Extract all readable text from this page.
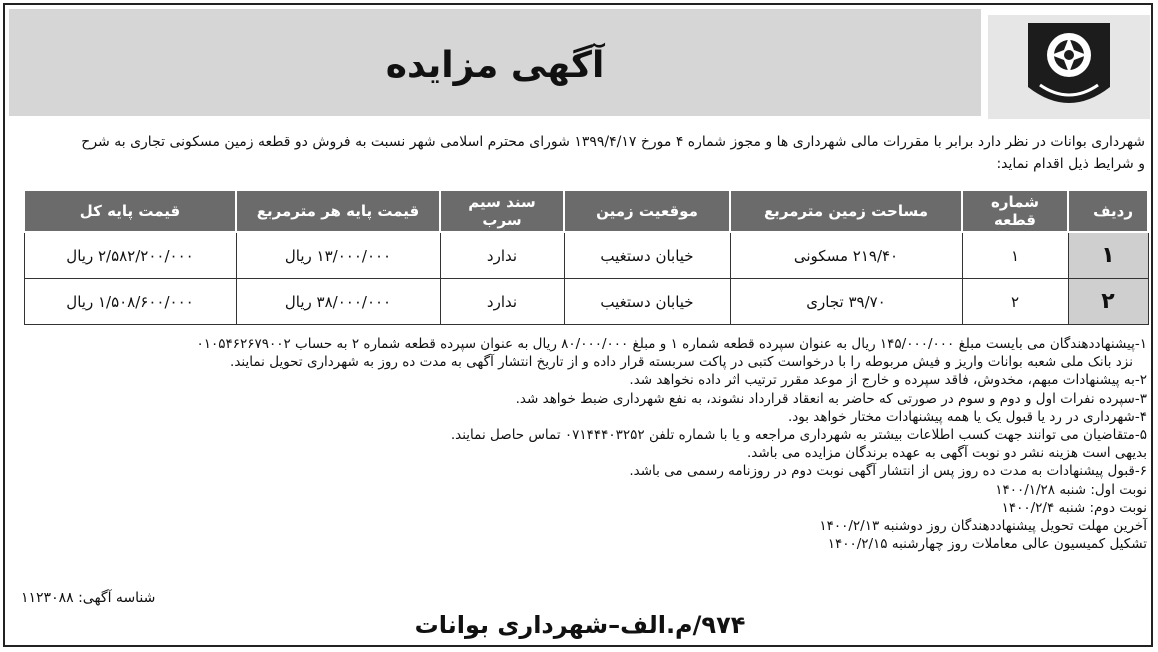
آگهی مزایده
شهرداری بوانات در نظر دارد برابر با مقررات مالی شهرداری ها و مجوز شماره ۴ مورخ ۱۳۹۹/۴/۱۷ شورای محترم اسلامی شهر نسبت به فروش دو قطعه زمین مسکونی تجاری به شرح
و شرایط ذیل اقدام نماید:
ردیف	شماره قطعه	مساحت زمین مترمربع	موقعیت زمین	سند سیم سرب	قیمت پایه هر مترمربع	قیمت پایه کل
۱	۱	۲۱۹/۴۰ مسکونی	خیابان دستغیب	ندارد	۱۳/۰۰۰/۰۰۰ ریال	۲/۵۸۲/۲۰۰/۰۰۰ ریال
۲	۲	۳۹/۷۰ تجاری	خیابان دستغیب	ندارد	۳۸/۰۰۰/۰۰۰ ریال	۱/۵۰۸/۶۰۰/۰۰۰ ریال
۱-پیشنهاددهندگان می بایست مبلغ ۱۴۵/۰۰۰/۰۰۰ ریال به عنوان سپرده قطعه شماره ۱ و مبلغ ۸۰/۰۰۰/۰۰۰ ریال به عنوان سپرده قطعه شماره ۲ به حساب ۰۱۰۵۴۶۲۶۷۹۰۰۲
نزد بانک ملی شعبه بوانات واریز و فیش مربوطه را با درخواست کتبی در پاکت سربسته قرار داده و از تاریخ انتشار آگهی به مدت ده روز به شهرداری تحویل نمایند.
۲-به پیشنهادات مبهم، مخدوش، فاقد سپرده و خارج از موعد مقرر ترتیب اثر داده نخواهد شد.
۳-سپرده نفرات اول و دوم و سوم در صورتی که حاضر به انعقاد قرارداد نشوند، به نفع شهرداری ضبط خواهد شد.
۴-شهرداری در رد یا قبول یک یا همه پیشنهادات مختار خواهد بود.
۵-متقاضیان می توانند جهت کسب اطلاعات بیشتر به شهرداری مراجعه و یا با شماره تلفن ۰۷۱۴۴۴۰۳۲۵۲ تماس حاصل نمایند.
بدیهی است هزینه نشر دو نوبت آگهی به عهده برندگان مزایده می باشد.
۶-قبول پیشنهادات به مدت ده روز پس از انتشار آگهی نوبت دوم در روزنامه رسمی می باشد.
نوبت اول: شنبه ۱۴۰۰/۱/۲۸
نوبت دوم: شنبه ۱۴۰۰/۲/۴
آخرین مهلت تحویل پیشنهاددهندگان روز دوشنبه ۱۴۰۰/۲/۱۳
تشکیل کمیسیون عالی معاملات روز چهارشنبه ۱۴۰۰/۲/۱۵
شناسه آگهی: ۱۱۲۳۰۸۸
۹۷۴/م.الف–شهرداری بوانات
